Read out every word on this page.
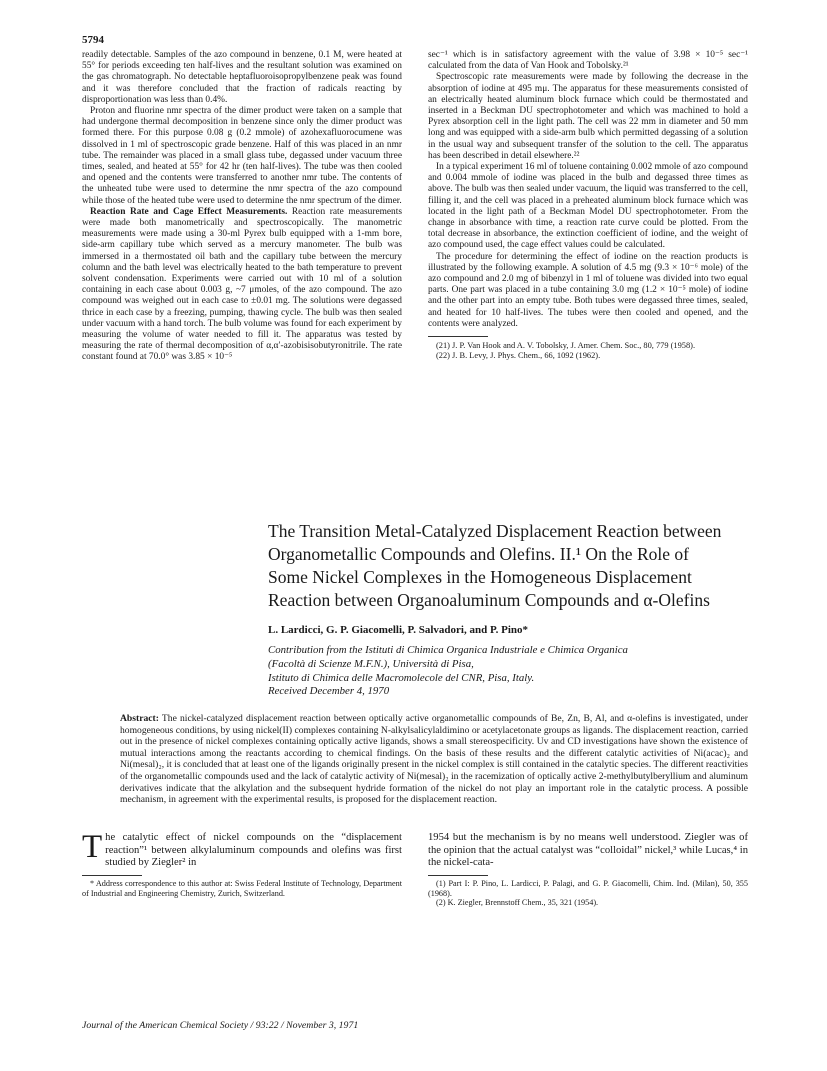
5794

readily detectable. Samples of the azo compound in benzene, 0.1 M, were heated at 55° for periods exceeding ten half-lives and the resultant solution was examined on the gas chromatograph. No detectable heptafluoroisopropylbenzene peak was found and it was therefore concluded that the fraction of radicals reacting by disproportionation was less than 0.4%.

Proton and fluorine nmr spectra of the dimer product were taken on a sample that had undergone thermal decomposition in benzene since only the dimer product was formed there. For this purpose 0.08 g (0.2 mmole) of azohexafluorocumene was dissolved in 1 ml of spectroscopic grade benzene. Half of this was placed in an nmr tube. The remainder was placed in a small glass tube, degassed under vacuum three times, sealed, and heated at 55° for 42 hr (ten half-lives). The tube was then cooled and opened and the contents were transferred to another nmr tube. The contents of the unheated tube were used to determine the nmr spectra of the azo compound while those of the heated tube were used to determine the nmr spectrum of the dimer.

Reaction Rate and Cage Effect Measurements. Reaction rate measurements were made both manometrically and spectroscopically. The manometric measurements were made using a 30-ml Pyrex bulb equipped with a 1-mm bore, side-arm capillary tube which served as a mercury manometer. The bulb was immersed in a thermostated oil bath and the capillary tube between the mercury column and the bath level was electrically heated to the bath temperature to prevent solvent condensation. Experiments were carried out with 10 ml of a solution containing in each case about 0.003 g, ~7 μmoles, of the azo compound. The azo compound was weighed out in each case to ±0.01 mg. The solutions were degassed thrice in each case by a freezing, pumping, thawing cycle. The bulb was then sealed under vacuum with a hand torch. The bulb volume was found for each experiment by measuring the volume of water needed to fill it. The apparatus was tested by measuring the rate of thermal decomposition of α,α′-azobisisobutyronitrile. The rate constant found at 70.0° was 3.85 × 10⁻⁵

sec⁻¹ which is in satisfactory agreement with the value of 3.98 × 10⁻⁵ sec⁻¹ calculated from the data of Van Hook and Tobolsky.²¹

Spectroscopic rate measurements were made by following the decrease in the absorption of iodine at 495 mμ. The apparatus for these measurements consisted of an electrically heated aluminum block furnace which could be thermostated and inserted in a Beckman DU spectrophotometer and which was machined to hold a Pyrex absorption cell in the light path. The cell was 22 mm in diameter and 50 mm long and was equipped with a side-arm bulb which permitted degassing of a solution in the usual way and subsequent transfer of the solution to the cell. The apparatus has been described in detail elsewhere.²²

In a typical experiment 16 ml of toluene containing 0.002 mmole of azo compound and 0.004 mmole of iodine was placed in the bulb and degassed three times as above. The bulb was then sealed under vacuum, the liquid was transferred to the cell, filling it, and the cell was placed in a preheated aluminum block furnace which was located in the light path of a Beckman Model DU spectrophotometer. From the change in absorbance with time, a reaction rate curve could be plotted. From the total decrease in absorbance, the extinction coefficient of iodine, and the weight of azo compound used, the cage effect values could be calculated.

The procedure for determining the effect of iodine on the reaction products is illustrated by the following example. A solution of 4.5 mg (9.3 × 10⁻⁶ mole) of the azo compound and 2.0 mg of bibenzyl in 1 ml of toluene was divided into two equal parts. One part was placed in a tube containing 3.0 mg (1.2 × 10⁻⁵ mole) of iodine and the other part into an empty tube. Both tubes were degassed three times, sealed, and heated for 10 half-lives. The tubes were then cooled and opened, and the contents were analyzed.

(21) J. P. Van Hook and A. V. Tobolsky, J. Amer. Chem. Soc., 80, 779 (1958).

(22) J. B. Levy, J. Phys. Chem., 66, 1092 (1962).

The Transition Metal-Catalyzed Displacement Reaction between
Organometallic Compounds and Olefins. II.¹ On the Role of
Some Nickel Complexes in the Homogeneous Displacement
Reaction between Organoaluminum Compounds and α-Olefins
L. Lardicci, G. P. Giacomelli, P. Salvadori, and P. Pino*
Contribution from the Istituti di Chimica Organica Industriale e Chimica Organica
(Facoltà di Scienze M.F.N.), Università di Pisa,
Istituto di Chimica delle Macromolecole del CNR, Pisa, Italy.
Received December 4, 1970
Abstract: The nickel-catalyzed displacement reaction between optically active organometallic compounds of Be, Zn, B, Al, and α-olefins is investigated, under homogeneous conditions, by using nickel(II) complexes containing N-alkylsalicylaldimino or acetylacetonate groups as ligands. The displacement reaction, carried out in the presence of nickel complexes containing optically active ligands, shows a small stereospecificity. Uv and CD investigations have shown the existence of mutual interactions among the reactants according to chemical findings. On the basis of these results and the different catalytic activities of Ni(acac)₂ and Ni(mesal)₂, it is concluded that at least one of the ligands originally present in the nickel complex is still contained in the catalytic species. The different reactivities of the organometallic compounds used and the lack of catalytic activity of Ni(mesal)₂ in the racemization of optically active 2-methylbutylberyllium and aluminum derivatives indicate that the alkylation and the subsequent hydride formation of the nickel do not play an important role in the catalytic process. A possible mechanism, in agreement with the experimental results, is proposed for the displacement reaction.
The catalytic effect of nickel compounds on the “displacement reaction”¹ between alkylaluminum compounds and olefins was first studied by Ziegler² in

* Address correspondence to this author at: Swiss Federal Institute of Technology, Department of Industrial and Engineering Chemistry, Zurich, Switzerland.

1954 but the mechanism is by no means well understood. Ziegler was of the opinion that the actual catalyst was “colloidal” nickel,³ while Lucas,⁴ in the nickel-cata-

(1) Part I: P. Pino, L. Lardicci, P. Palagi, and G. P. Giacomelli, Chim. Ind. (Milan), 50, 355 (1968).

(2) K. Ziegler, Brennstoff Chem., 35, 321 (1954).

Journal of the American Chemical Society / 93:22 / November 3, 1971
